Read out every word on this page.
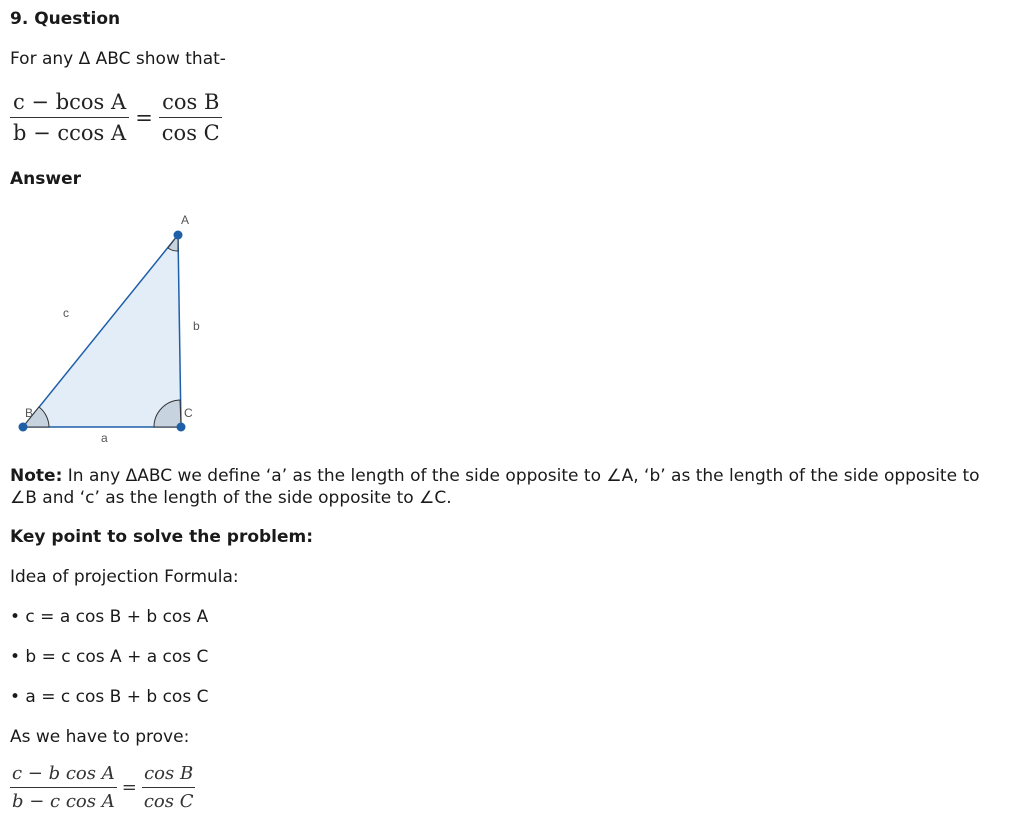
9. Question
For any Δ ABC show that-
$\frac{\text{c − bcos A}}{\text{b − ccos A}} = \frac{\text{cos B}}{\text{cos C}}$
Answer
A
B	C
a
b
c
Note: In any ΔABC we define ‘a’ as the length of the side opposite to ∠A, ‘b’ as the length of the side opposite to ∠B and ‘c’ as the length of the side opposite to ∠C.
Key point to solve the problem:
Idea of projection Formula:
• c = a cos B + b cos A
• b = c cos A + a cos C
• a = c cos B + b cos C
As we have to prove:
$\frac{\text{c − b cos A}}{\text{b − c cos A}} = \frac{\text{cos B}}{\text{cos C}}$
